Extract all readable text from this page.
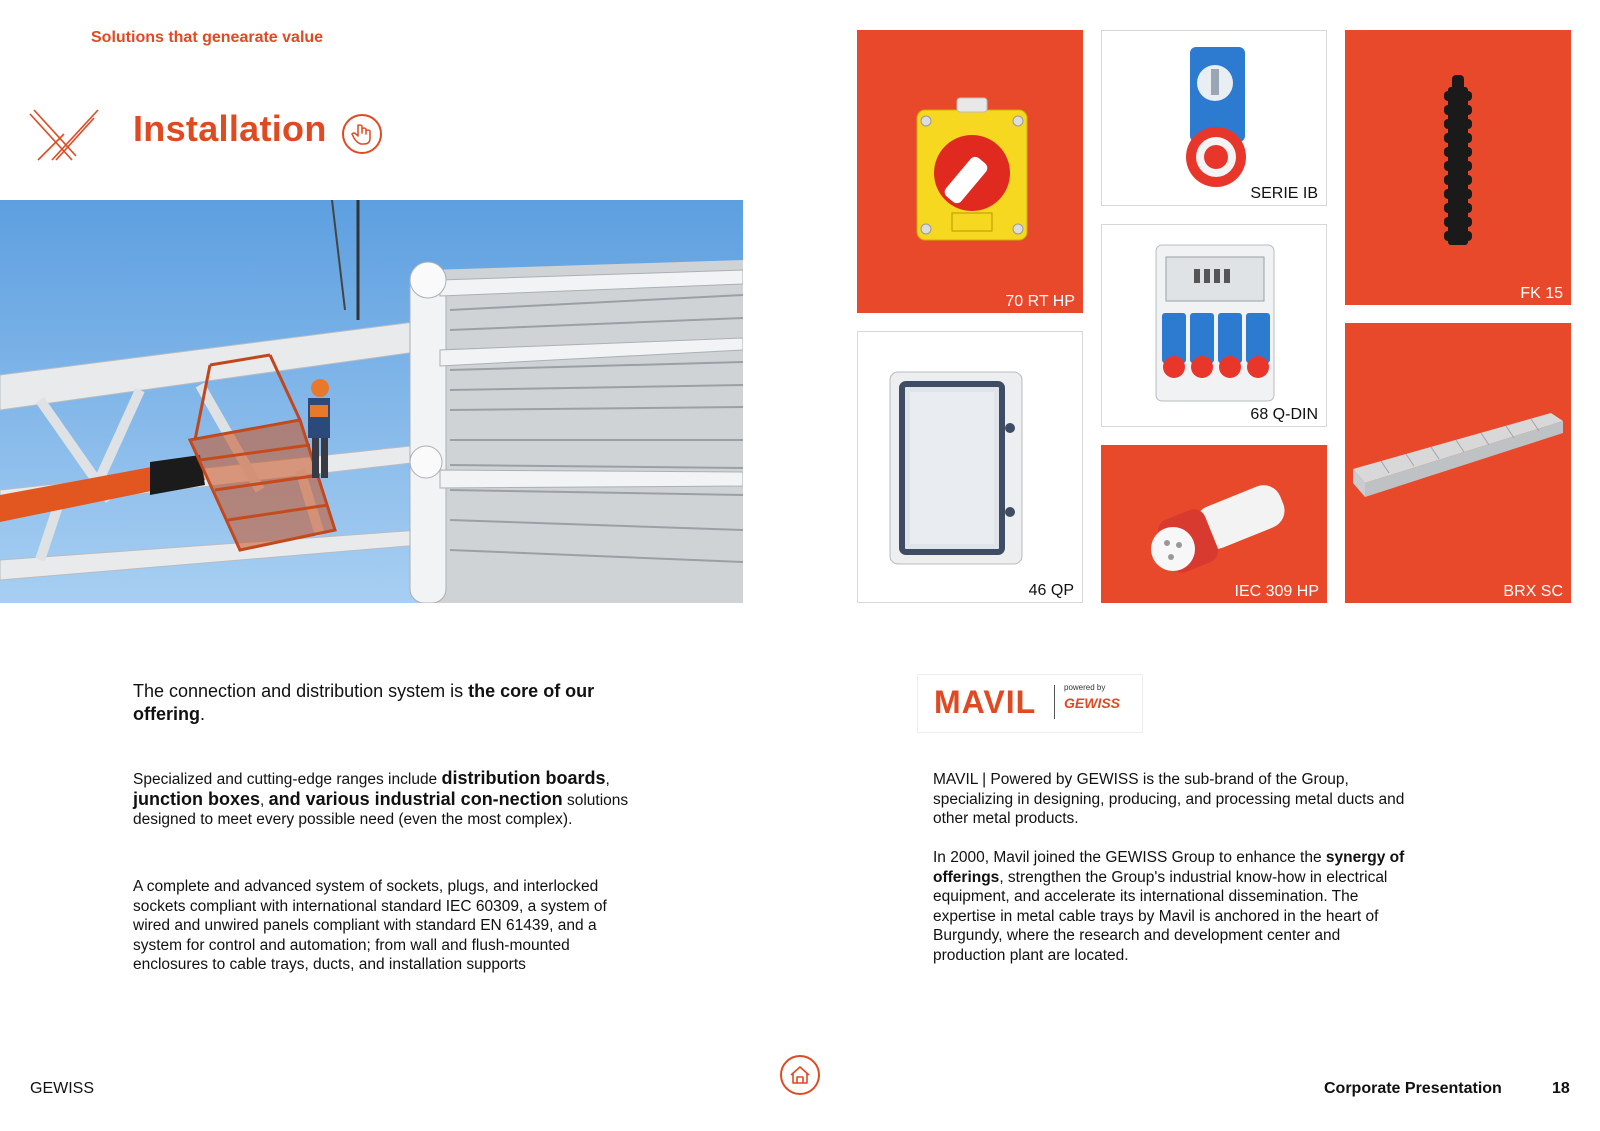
Solutions that genearate value
Installation
70 RT HP
SERIE IB
FK 15
68 Q-DIN
46 QP	IEC 309 HP	BRX SC
The connection and distribution system is the core of our offering.
Specialized and cutting-edge ranges include distribution boards, junction boxes, and various industrial con-nection solutions designed to meet every possible need (even the most complex).
A complete and advanced system of sockets, plugs, and interlocked sockets compliant with international standard IEC 60309, a system of wired and unwired panels compliant with standard EN 61439, and a system for control and automation; from wall and flush-mounted enclosures to cable trays, ducts, and installation supports
MAVIL	powered by
GEWISS
MAVIL | Powered by GEWISS is the sub-brand of the Group, specializing in designing, producing, and processing metal ducts and other metal products.
In 2000, Mavil joined the GEWISS Group to enhance the synergy of offerings, strengthen the Group's industrial know-how in electrical equipment, and accelerate its international dissemination. The expertise in metal cable trays by Mavil is anchored in the heart of Burgundy, where the research and development center and production plant are located.
GEWISS	Corporate Presentation	18
